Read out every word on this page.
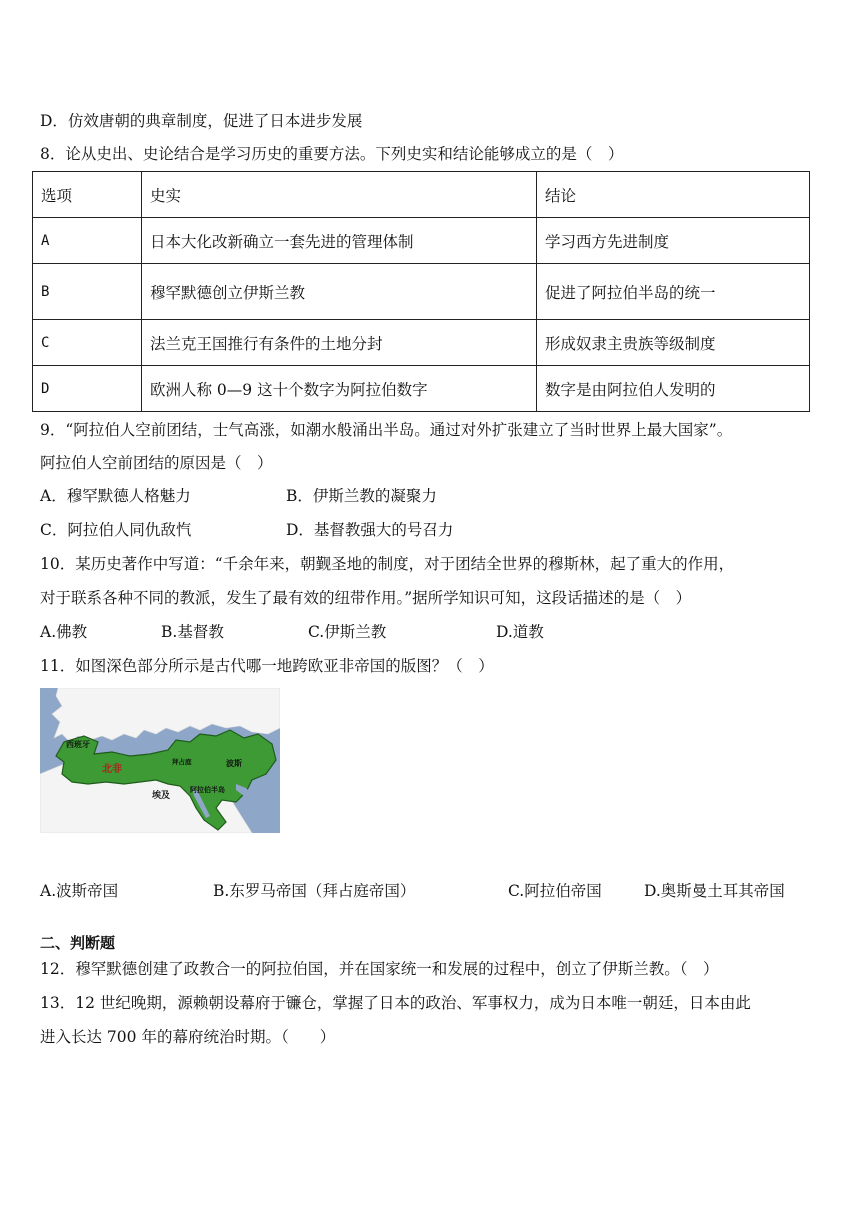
D．仿效唐朝的典章制度，促进了日本进步发展
8．论从史出、史论结合是学习历史的重要方法。下列史实和结论能够成立的是（　）
选项	史实	结论
A	日本大化改新确立一套先进的管理体制	学习西方先进制度
B	穆罕默德创立伊斯兰教	促进了阿拉伯半岛的统一
C	法兰克王国推行有条件的土地分封	形成奴隶主贵族等级制度
D	欧洲人称 0—9 这十个数字为阿拉伯数字	数字是由阿拉伯人发明的
9．“阿拉伯人空前团结，士气高涨，如潮水般涌出半岛。通过对外扩张建立了当时世界上最大国家”。
阿拉伯人空前团结的原因是（　）
A．穆罕默德人格魅力	B．伊斯兰教的凝聚力
C．阿拉伯人同仇敌忾	D．基督教强大的号召力
10．某历史著作中写道：“千余年来，朝觐圣地的制度，对于团结全世界的穆斯林，起了重大的作用，
对于联系各种不同的教派，发生了最有效的纽带作用。”据所学知识可知，这段话描述的是（　）
A.佛教	B.基督教	C.伊斯兰教	D.道教
11．如图深色部分所示是古代哪一地跨欧亚非帝国的版图？（　）
西班牙
北非
拜占庭	波斯
阿拉伯半岛
埃及
A.波斯帝国	B.东罗马帝国（拜占庭帝国）	C.阿拉伯帝国	D.奥斯曼土耳其帝国
二、判断题
12．穆罕默德创建了政教合一的阿拉伯国，并在国家统一和发展的过程中，创立了伊斯兰教。（　）
13．12 世纪晚期，源赖朝设幕府于镰仓，掌握了日本的政治、军事权力，成为日本唯一朝廷，日本由此
进入长达 700 年的幕府统治时期。（　　）
